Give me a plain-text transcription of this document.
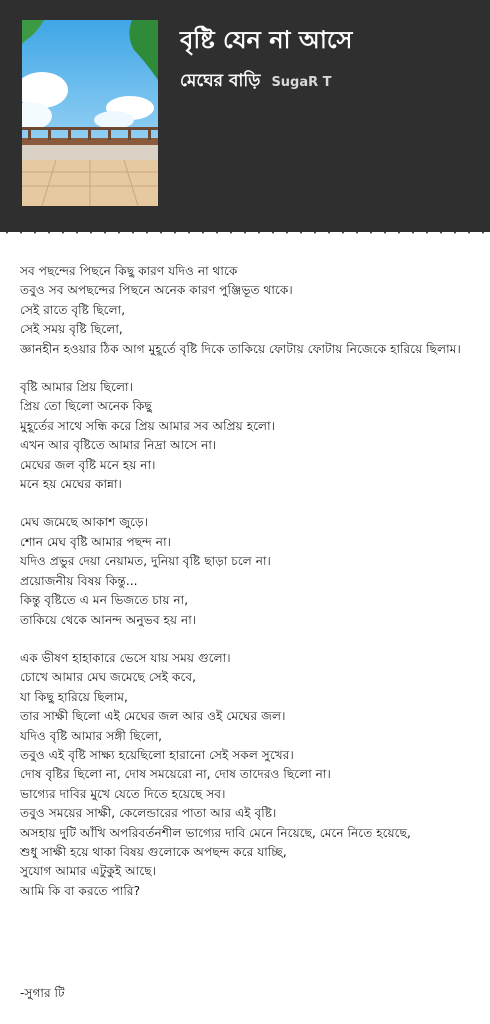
বৃষ্টি যেন না আসে
মেঘের বাড়ি SugaR T
সব পছন্দের পিছনে কিছু কারণ যদিও না থাকে
তবুও সব অপছন্দের পিছনে অনেক কারণ পুঞ্জিভূত থাকে।
সেই রাতে বৃষ্টি ছিলো,
সেই সময় বৃষ্টি ছিলো,
জ্ঞানহীন হওয়ার ঠিক আগ মুহূর্তে বৃষ্টি দিকে তাকিয়ে ফোটায় ফোটায় নিজেকে হারিয়ে ছিলাম।
বৃষ্টি আমার প্রিয় ছিলো।
প্রিয় তো ছিলো অনেক কিছু
মুহূর্তের সাথে সন্ধি করে প্রিয় আমার সব অপ্রিয় হলো।
এখন আর বৃষ্টিতে আমার নিদ্রা আসে না।
মেঘের জল বৃষ্টি মনে হয় না।
মনে হয় মেঘের কান্না।
মেঘ জমেছে আকাশ জুড়ে।
শোন মেঘ বৃষ্টি আমার পছন্দ না।
যদিও প্রভুর দেয়া নেয়ামত, দুনিয়া বৃষ্টি ছাড়া চলে না।
প্রয়োজনীয় বিষয় কিন্তু...
কিন্তু বৃষ্টিতে এ মন ভিজতে চায় না,
তাকিয়ে থেকে আনন্দ অনুভব হয় না।
এক ভীষণ হাহাকারে ভেসে যায় সময় গুলো।
চোখে আমার মেঘ জমেছে সেই কবে,
যা কিছু হারিয়ে ছিলাম,
তার সাক্ষী ছিলো এই মেঘের জল আর ওই মেঘের জল।
যদিও বৃষ্টি আমার সঙ্গী ছিলো,
তবুও এই বৃষ্টি সাক্ষ্য হয়েছিলো হারানো সেই সকল সুখের।
দোষ বৃষ্টির ছিলো না, দোষ সময়েরো না, দোষ তাদেরও ছিলো না।
ভাগ্যের দাবির মুখে যেতে দিতে হয়েছে সব।
তবুও সময়ের সাক্ষী, কেলেন্ডারের পাতা আর এই বৃষ্টি।
অসহায় দুটি আঁখি অপরিবর্তনশীল ভাগ্যের দাবি মেনে নিয়েছে, মেনে নিতে হয়েছে,
শুধু সাক্ষী হয়ে থাকা বিষয় গুলোকে অপছন্দ করে যাচ্ছি,
সুযোগ আমার এটুকুই আছে।
আমি কি বা করতে পারি?
-সুগার টি
